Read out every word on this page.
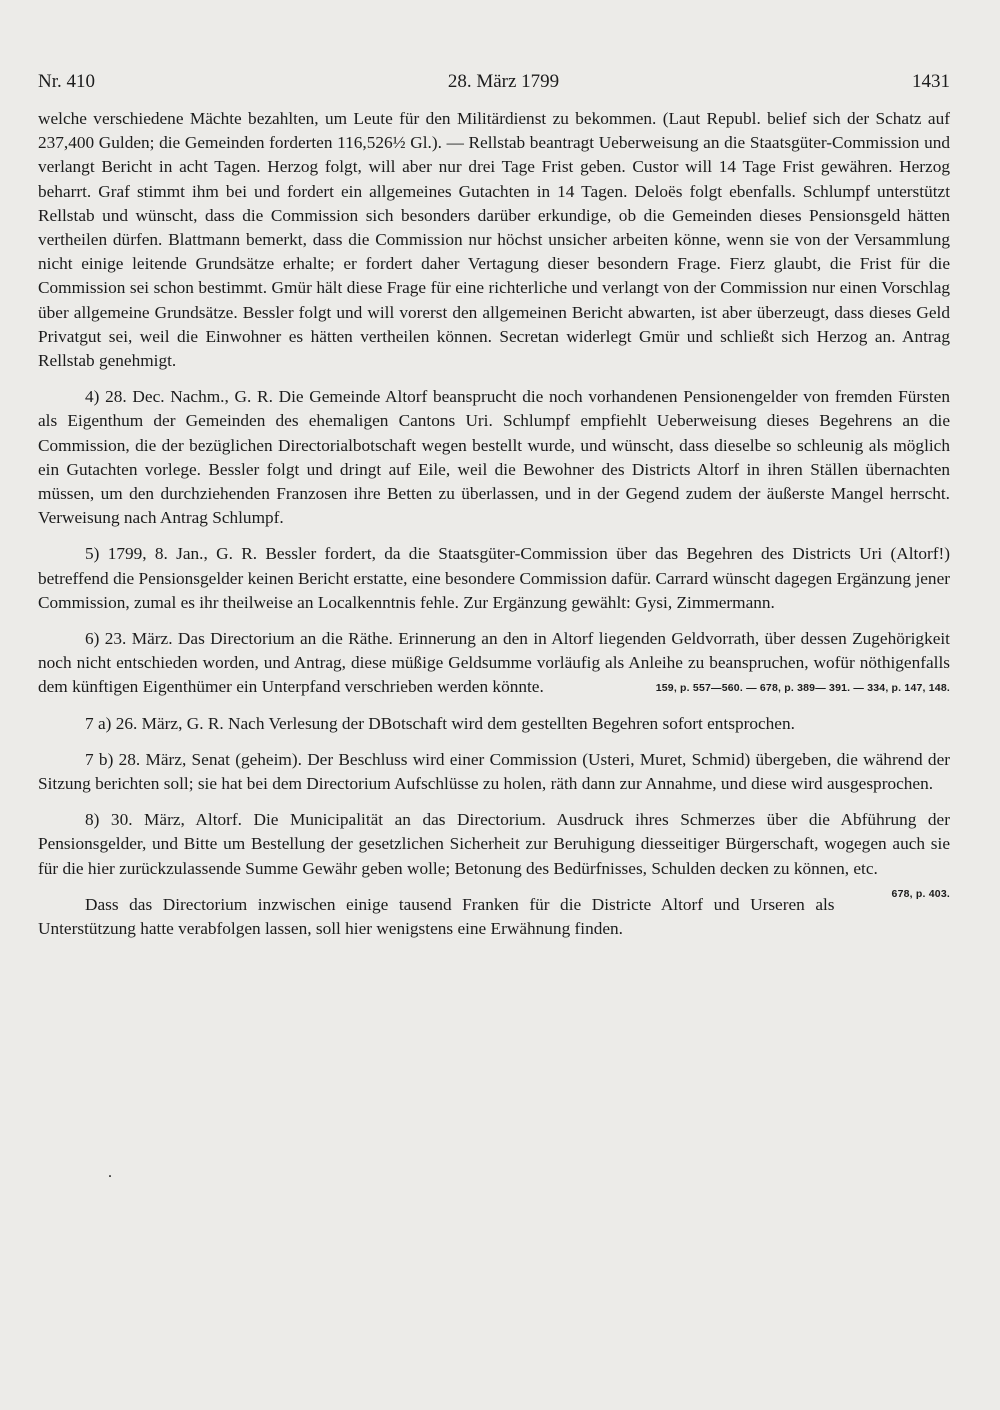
Nr. 410	28. März 1799	1431

welche verschiedene Mächte bezahlten, um Leute für den Militärdienst zu bekommen. (Laut Republ. belief sich der Schatz auf 237,400 Gulden; die Gemeinden forderten 116,526½ Gl.). — Rellstab beantragt Ueberweisung an die Staatsgüter-Commission und verlangt Bericht in acht Tagen. Herzog folgt, will aber nur drei Tage Frist geben. Custor will 14 Tage Frist gewähren. Herzog beharrt. Graf stimmt ihm bei und fordert ein allgemeines Gutachten in 14 Tagen. Deloës folgt ebenfalls. Schlumpf unterstützt Rellstab und wünscht, dass die Commission sich besonders darüber erkundige, ob die Gemeinden dieses Pensionsgeld hätten vertheilen dürfen. Blattmann bemerkt, dass die Commission nur höchst unsicher arbeiten könne, wenn sie von der Versammlung nicht einige leitende Grundsätze erhalte; er fordert daher Vertagung dieser besondern Frage. Fierz glaubt, die Frist für die Commission sei schon bestimmt. Gmür hält diese Frage für eine richterliche und verlangt von der Commission nur einen Vorschlag über allgemeine Grundsätze. Bessler folgt und will vorerst den allgemeinen Bericht abwarten, ist aber überzeugt, dass dieses Geld Privatgut sei, weil die Einwohner es hätten vertheilen können. Secretan widerlegt Gmür und schließt sich Herzog an. Antrag Rellstab genehmigt.

4) 28. Dec. Nachm., G. R. Die Gemeinde Altorf beansprucht die noch vorhandenen Pensionengelder von fremden Fürsten als Eigenthum der Gemeinden des ehemaligen Cantons Uri. Schlumpf empfiehlt Ueberweisung dieses Begehrens an die Commission, die der bezüglichen Directorialbotschaft wegen bestellt wurde, und wünscht, dass dieselbe so schleunig als möglich ein Gutachten vorlege. Bessler folgt und dringt auf Eile, weil die Bewohner des Districts Altorf in ihren Ställen übernachten müssen, um den durchziehenden Franzosen ihre Betten zu überlassen, und in der Gegend zudem der äußerste Mangel herrscht. Verweisung nach Antrag Schlumpf.

5) 1799, 8. Jan., G. R. Bessler fordert, da die Staatsgüter-Commission über das Begehren des Districts Uri (Altorf!) betreffend die Pensionsgelder keinen Bericht erstatte, eine besondere Commission dafür. Carrard wünscht dagegen Ergänzung jener Commission, zumal es ihr theilweise an Localkenntnis fehle. Zur Ergänzung gewählt: Gysi, Zimmermann.

6) 23. März. Das Directorium an die Räthe. Erinnerung an den in Altorf liegenden Geldvorrath, über dessen Zugehörigkeit noch nicht entschieden worden, und Antrag, diese müßige Geldsumme vorläufig als Anleihe zu beanspruchen, wofür nöthigenfalls dem künftigen Eigenthümer ein Unterpfand verschrieben werden könnte.	159, p. 557—560. — 678, p. 389— 391. — 334, p. 147, 148.

7 a) 26. März, G. R. Nach Verlesung der DBotschaft wird dem gestellten Begehren sofort entsprochen.

7 b) 28. März, Senat (geheim). Der Beschluss wird einer Commission (Usteri, Muret, Schmid) übergeben, die während der Sitzung berichten soll; sie hat bei dem Directorium Aufschlüsse zu holen, räth dann zur Annahme, und diese wird ausgesprochen.

8) 30. März, Altorf. Die Municipalität an das Directorium. Ausdruck ihres Schmerzes über die Abführung der Pensionsgelder, und Bitte um Bestellung der gesetzlichen Sicherheit zur Beruhigung diesseitiger Bürgerschaft, wogegen auch sie für die hier zurückzulassende Summe Gewähr geben wolle; Betonung des Bedürfnisses, Schulden decken zu können, etc.
678, p. 403.

Dass das Directorium inzwischen einige tausend Franken für die Districte Altorf und Urseren als Unterstützung hatte verabfolgen lassen, soll hier wenigstens eine Erwähnung finden.

.
